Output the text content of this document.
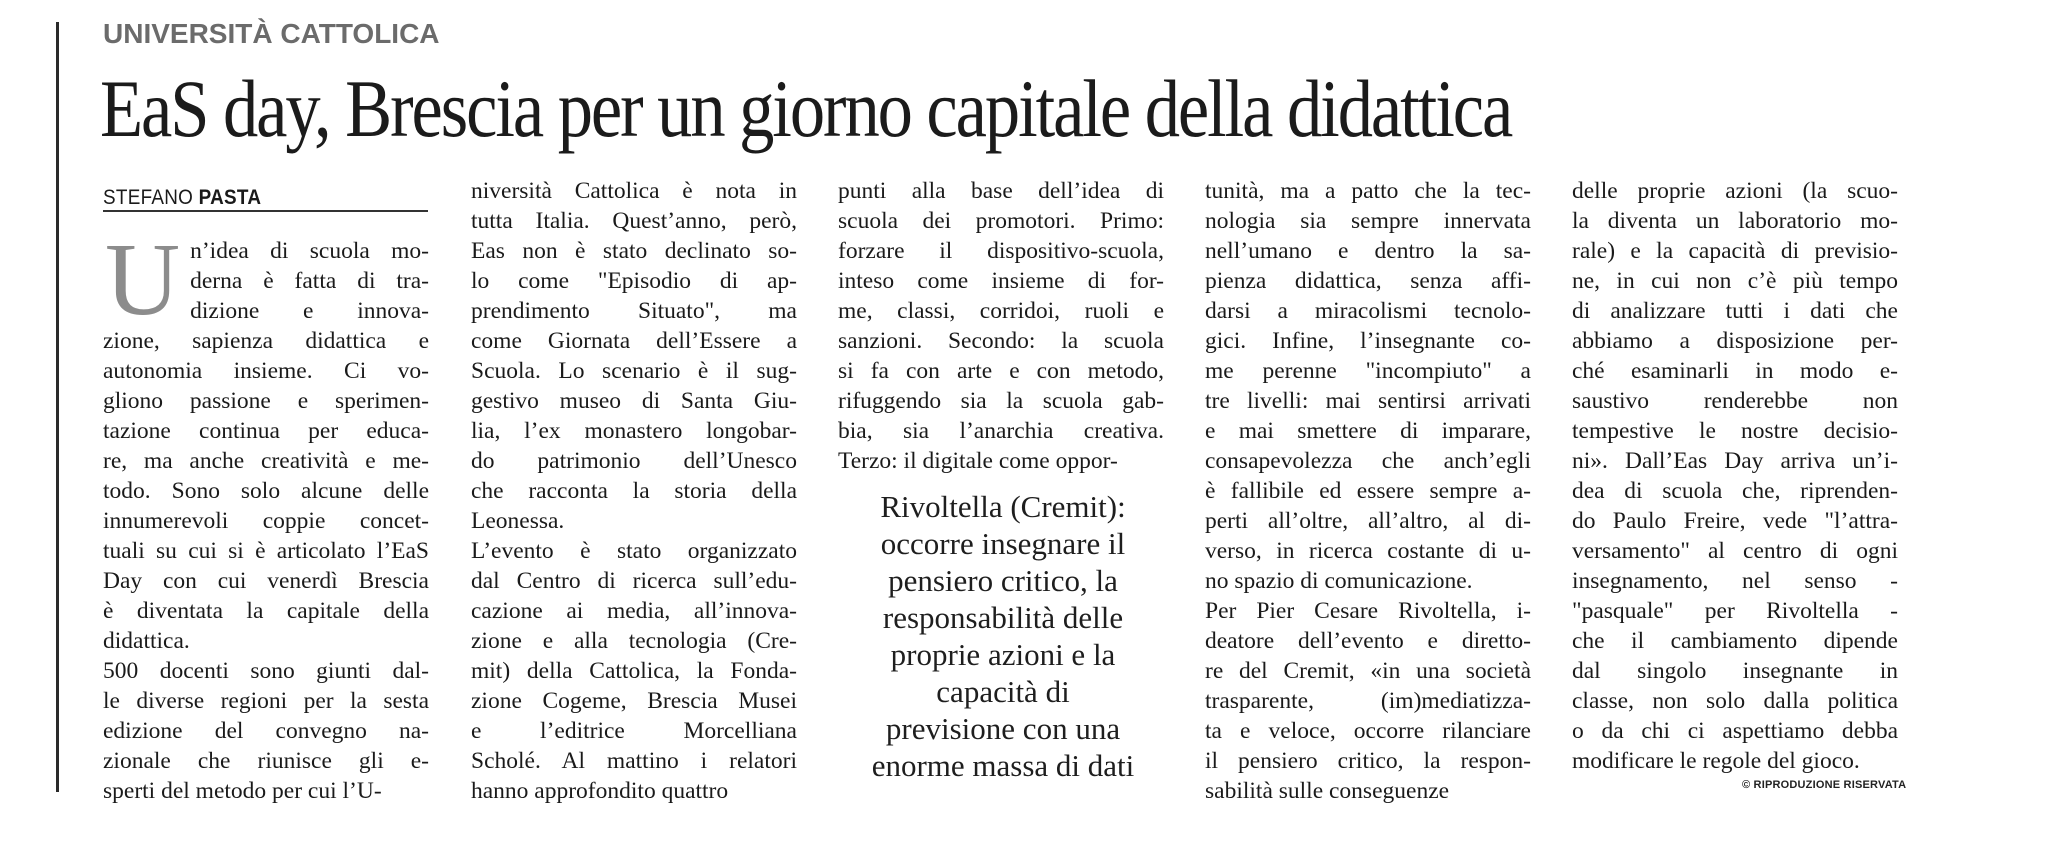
UNIVERSITÀ CATTOLICA
EaS day, Brescia per un giorno capitale della didattica
STEFANO PASTA
U n’idea di scuola mo-
derna è fatta di tra-
dizione e innova-
zione, sapienza didattica e
autonomia insieme. Ci vo-
gliono passione e sperimen-
tazione continua per educa-
re, ma anche creatività e me-
todo. Sono solo alcune delle
innumerevoli coppie concet-
tuali su cui si è articolato l’EaS
Day con cui venerdì Brescia
è diventata la capitale della
didattica.
500 docenti sono giunti dal-
le diverse regioni per la sesta
edizione del convegno na-
zionale che riunisce gli e-
sperti del metodo per cui l’U-
niversità Cattolica è nota in
tutta Italia. Quest’anno, però,
Eas non è stato declinato so-
lo come "Episodio di ap-
prendimento Situato", ma
come Giornata dell’Essere a
Scuola. Lo scenario è il sug-
gestivo museo di Santa Giu-
lia, l’ex monastero longobar-
do patrimonio dell’Unesco
che racconta la storia della
Leonessa.
L’evento è stato organizzato
dal Centro di ricerca sull’edu-
cazione ai media, all’innova-
zione e alla tecnologia (Cre-
mit) della Cattolica, la Fonda-
zione Cogeme, Brescia Musei
e l’editrice Morcelliana
Scholé. Al mattino i relatori
hanno approfondito quattro
punti alla base dell’idea di
scuola dei promotori. Primo:
forzare il dispositivo-scuola,
inteso come insieme di for-
me, classi, corridoi, ruoli e
sanzioni. Secondo: la scuola
si fa con arte e con metodo,
rifuggendo sia la scuola gab-
bia, sia l’anarchia creativa.
Terzo: il digitale come oppor-
Rivoltella (Cremit):
occorre insegnare il
pensiero critico, la
responsabilità delle
proprie azioni e la
capacità di
previsione con una
enorme massa di dati
tunità, ma a patto che la tec-
nologia sia sempre innervata
nell’umano e dentro la sa-
pienza didattica, senza affi-
darsi a miracolismi tecnolo-
gici. Infine, l’insegnante co-
me perenne "incompiuto" a
tre livelli: mai sentirsi arrivati
e mai smettere di imparare,
consapevolezza che anch’egli
è fallibile ed essere sempre a-
perti all’oltre, all’altro, al di-
verso, in ricerca costante di u-
no spazio di comunicazione.
Per Pier Cesare Rivoltella, i-
deatore dell’evento e diretto-
re del Cremit, «in una società
trasparente, (im)mediatizza-
ta e veloce, occorre rilanciare
il pensiero critico, la respon-
sabilità sulle conseguenze
delle proprie azioni (la scuo-
la diventa un laboratorio mo-
rale) e la capacità di previsio-
ne, in cui non c’è più tempo
di analizzare tutti i dati che
abbiamo a disposizione per-
ché esaminarli in modo e-
saustivo renderebbe non
tempestive le nostre decisio-
ni». Dall’Eas Day arriva un’i-
dea di scuola che, riprenden-
do Paulo Freire, vede "l’attra-
versamento" al centro di ogni
insegnamento, nel senso -
"pasquale" per Rivoltella -
che il cambiamento dipende
dal singolo insegnante in
classe, non solo dalla politica
o da chi ci aspettiamo debba
modificare le regole del gioco.
© RIPRODUZIONE RISERVATA
